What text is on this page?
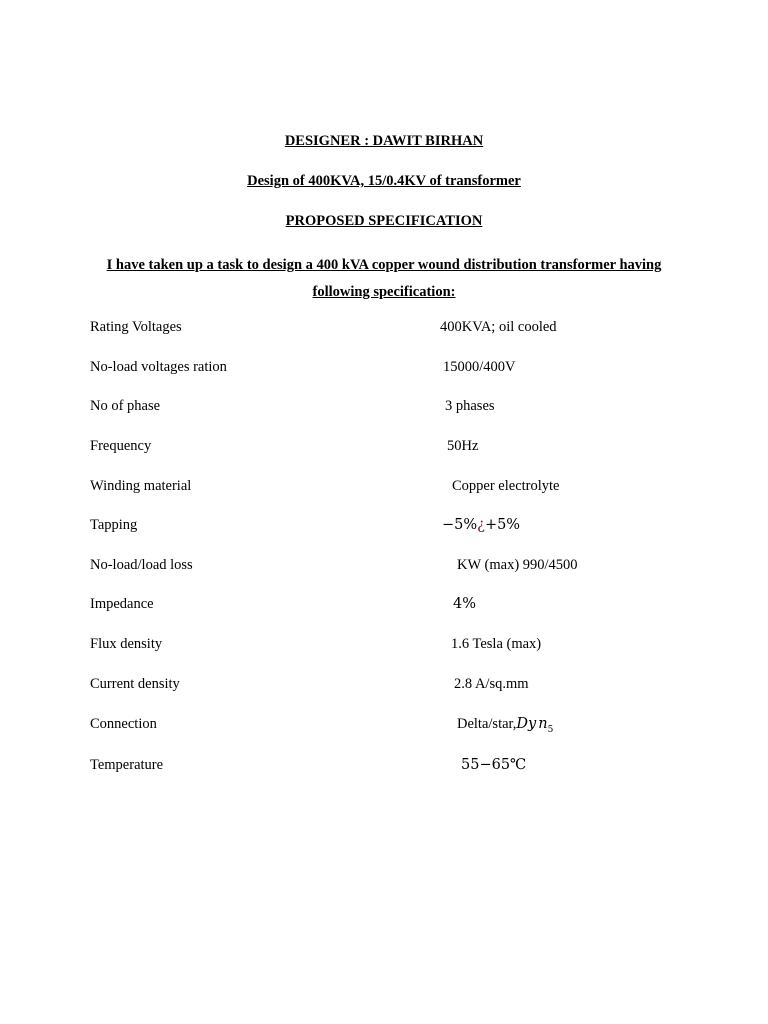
DESIGNER : DAWIT BIRHAN
Design of 400KVA, 15/0.4KV of transformer
PROPOSED SPECIFICATION
I have taken up a task to design a 400 kVA copper wound distribution transformer having following specification:
Rating Voltages	400KVA; oil cooled
No-load voltages ration	15000/400V
No of phase	3 phases
Frequency	50Hz
Winding material	Copper electrolyte
Tapping	−5%¿+5%
No-load/load loss	KW (max) 990/4500
Impedance	4%
Flux density	1.6 Tesla (max)
Current density	2.8 A/sq.mm
Connection	Delta/star,Dy $n_5$
Temperature	55−65℃
